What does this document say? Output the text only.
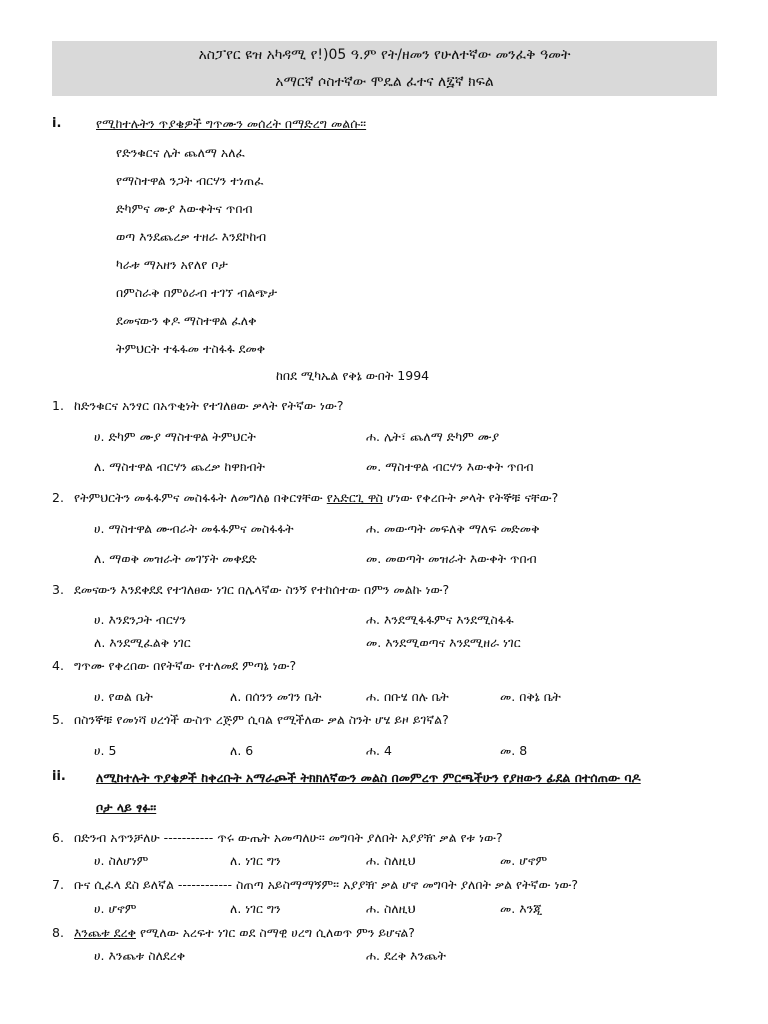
አስፓየር ዩዝ አካዳሚ የ!)05 ዓ.ም የት/ዘመን የሁለተኛው መንፈቅ ዓመት
አማርኛ ሶስተኛው ሞዴል ፈተና ለ፯ኛ ክፍል
i.	የሚከተሉትን ጥያቄዎች ግጥሙን መሰረት በማድረግ መልሱ፡፡
የድንቁርና ሌት ጨለማ አለፈ
የማስተዋል ንጋት ብርሃን ተነጠፈ
ድካምና ሙያ እውቀትና ጥበብ
ወጣ እንደጨረቃ ተዘራ እንደኮከብ
ካራቱ ማአዘን አየለየ ቦታ
በምስራቅ በምዕራብ ተገኘ ብልጭታ
ደመናውን ቀዶ ማስተዋል ፈለቀ
ትምህርት ተፋፋመ ተስፋፋ ደመቀ
ከበደ ሚካኤል የቅኔ ውበት 1994
1. ከድንቁርና አንፃር በአጥቂነት የተገለፀው ቃላት የትኛው ነው?
ሀ. ድካም ሙያ ማስተዋል ትምህርት	ሐ. ሌት፣ ጨለማ ድካም ሙያ
ለ. ማስተዋል ብርሃን ጨረቃ ከዋክብት	መ. ማስተዋል ብርሃን እውቀት ጥበብ
2. የትምህርትን መፋፋምና መስፋፋት ለመግለፅ በቅርፃቸው የአድርጊ ዋስ ሆነው የቀረቡት ቃላት የትኞቹ ናቸው?
ሀ. ማስተዋል ሙብራት መፋፋምና መስፋፋት	ሐ. መውጣት መፍለቅ ማለፍ መድመቅ
ለ. ማወቅ መዝራት መገኘት መቀደድ	መ. መወጣት መዝራት እውቀት ጥበብ
3. ደመናውን እንደቀደደ የተገለፀው ነገር በሌላኛው ስንኝ የተከሰተው በምን መልኩ ነው?
ሀ. እንደንጋት ብርሃን	ሐ. እንደሚፋፋምና እንደሚስፋፋ
ለ. እንደሚፈልቅ ነገር	መ. እንደሚወጣና እንደሚዘራ ነገር
4. ግጥሙ የቀረበው በየትኛው የተለመደ ምጣኔ ነው?
ሀ. የወል ቤት	ለ. በሰንን መገን ቤት	ሐ. በቡሄ በሉ ቤት	መ. በቅኔ ቤት
5. በስንኞቹ የመነሻ ሀረጎች ውስጥ ረጅም ሲባል የሚችለው ቃል ስንት ሆሄ ይዞ ይገኛል?
ሀ. 5	ለ. 6	ሐ. 4	መ. 8
ii. ለሚከተሉት ጥያቄዎች ከቀረቡት አማራጮች ትክክለኛውን መልስ በመምረጥ ምርጫችሁን የያዘውን ፊደል በተሰጠው ባዶ
ቦታ ላይ ፃፉ፡፡
6. በድንብ አጥንቻለሁ ----------- ጥሩ ውጤት አመጣለሁ፡፡ መግባት ያለበት አያያዥ ቃል የቱ ነው?
ሀ. ስለሆነም	ለ. ነገር ግን	ሐ. ስለዚህ	መ. ሆኖም
7. ቡና ሲፈላ ደስ ይለኛል ------------ ስጠጣ አይስማማኝም፡፡ አያያዥ ቃል ሆኖ መግባት ያለበት ቃል የትኛው ነው?
ሀ. ሆኖም	ለ. ነገር ግን	ሐ. ስለዚህ	መ. እንጂ
8. እንጨቱ ደረቀ የሚለው አረፍተ ነገር ወደ ስማዊ ሀረግ ሲለወጥ ምን ይሆናል?
ሀ. እንጨቱ ስለደረቀ	ሐ. ደረቅ እንጨት
